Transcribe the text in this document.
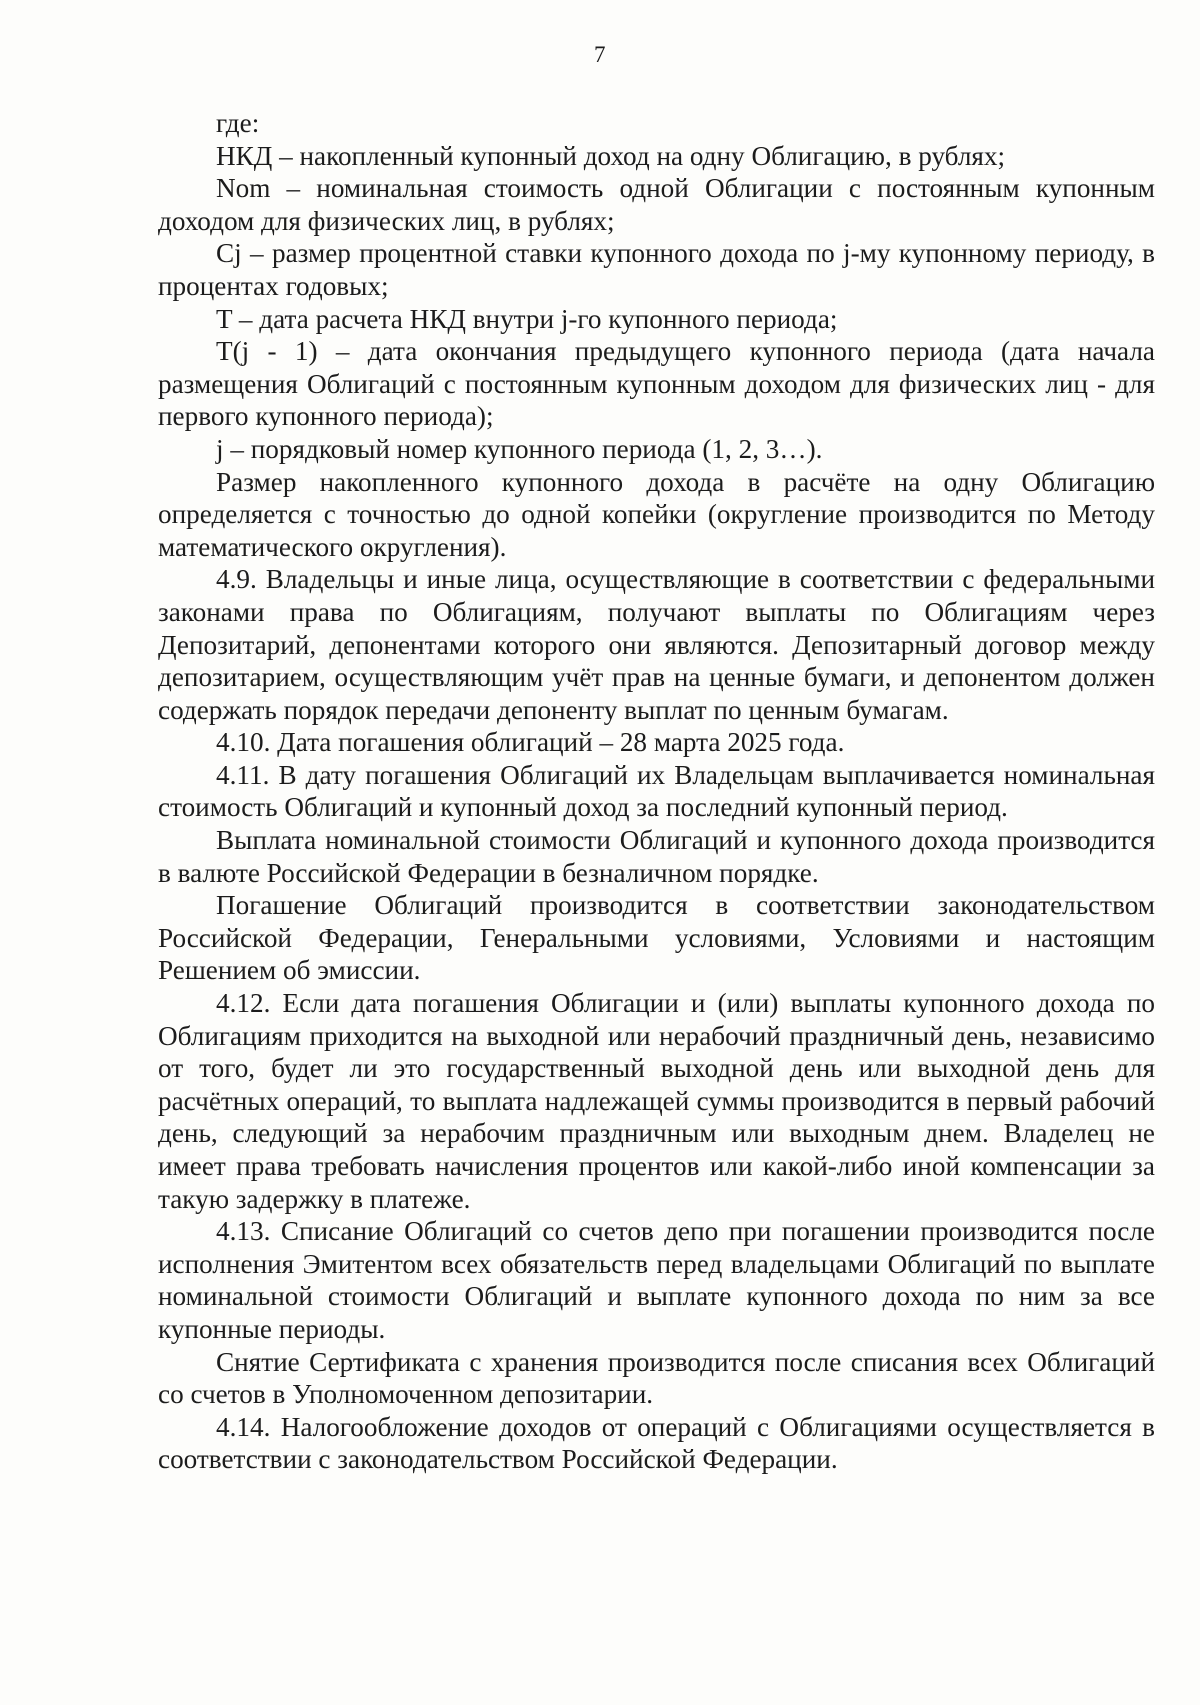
7

где:

НКД – накопленный купонный доход на одну Облигацию, в рублях;

Nom – номинальная стоимость одной Облигации с постоянным купонным доходом для физических лиц, в рублях;

Cj – размер процентной ставки купонного дохода по j-му купонному периоду, в процентах годовых;

T – дата расчета НКД внутри j-го купонного периода;

T(j - 1) – дата окончания предыдущего купонного периода (дата начала размещения Облигаций с постоянным купонным доходом для физических лиц - для первого купонного периода);

j – порядковый номер купонного периода (1, 2, 3…).

Размер накопленного купонного дохода в расчёте на одну Облигацию определяется с точностью до одной копейки (округление производится по Методу математического округления).

4.9. Владельцы и иные лица, осуществляющие в соответствии с федеральными законами права по Облигациям, получают выплаты по Облигациям через Депозитарий, депонентами которого они являются. Депозитарный договор между депозитарием, осуществляющим учёт прав на ценные бумаги, и депонентом должен содержать порядок передачи депоненту выплат по ценным бумагам.

4.10. Дата погашения облигаций – 28 марта 2025 года.

4.11. В дату погашения Облигаций их Владельцам выплачивается номинальная стоимость Облигаций и купонный доход за последний купонный период.

Выплата номинальной стоимости Облигаций и купонного дохода производится в валюте Российской Федерации в безналичном порядке.

Погашение Облигаций производится в соответствии законодательством Российской Федерации, Генеральными условиями, Условиями и настоящим Решением об эмиссии.

4.12. Если дата погашения Облигации и (или) выплаты купонного дохода по Облигациям приходится на выходной или нерабочий праздничный день, независимо от того, будет ли это государственный выходной день или выходной день для расчётных операций, то выплата надлежащей суммы производится в первый рабочий день, следующий за нерабочим праздничным или выходным днем. Владелец не имеет права требовать начисления процентов или какой-либо иной компенсации за такую задержку в платеже.

4.13. Списание Облигаций со счетов депо при погашении производится после исполнения Эмитентом всех обязательств перед владельцами Облигаций по выплате номинальной стоимости Облигаций и выплате купонного дохода по ним за все купонные периоды.

Снятие Сертификата с хранения производится после списания всех Облигаций со счетов в Уполномоченном депозитарии.

4.14. Налогообложение доходов от операций с Облигациями осуществляется в соответствии с законодательством Российской Федерации.
